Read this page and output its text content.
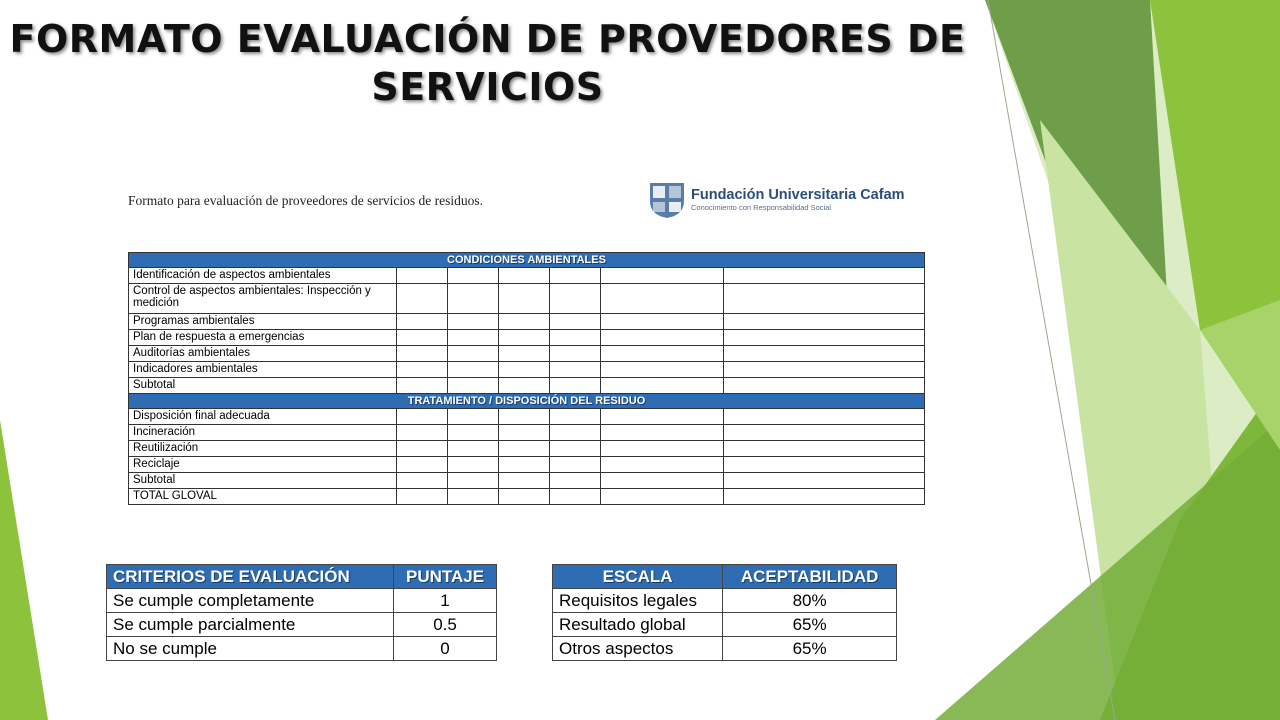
FORMATO EVALUACIÓN DE PROVEDORES DE
SERVICIOS
Formato para evaluación de proveedores de servicios de residuos.	Fundación Universitaria Cafam
Conocimiento con Responsabilidad Social
CONDICIONES AMBIENTALES						
Identificación de aspectos ambientales						
Control de aspectos ambientales: Inspección y medición						
Programas ambientales						
Plan de respuesta a emergencias						
Auditorías ambientales						
Indicadores ambientales						
Subtotal						
TRATAMIENTO / DISPOSICIÓN DEL RESIDUO						
Disposición final adecuada						
Incineración						
Reutilización						
Reciclaje						
Subtotal						
TOTAL GLOVAL						
CRITERIOS DE EVALUACIÓN	PUNTAJE
Se cumple completamente	1
Se cumple parcialmente	0.5
No se cumple	0
ESCALA	ACEPTABILIDAD
Requisitos legales	80%
Resultado global	65%
Otros aspectos	65%
